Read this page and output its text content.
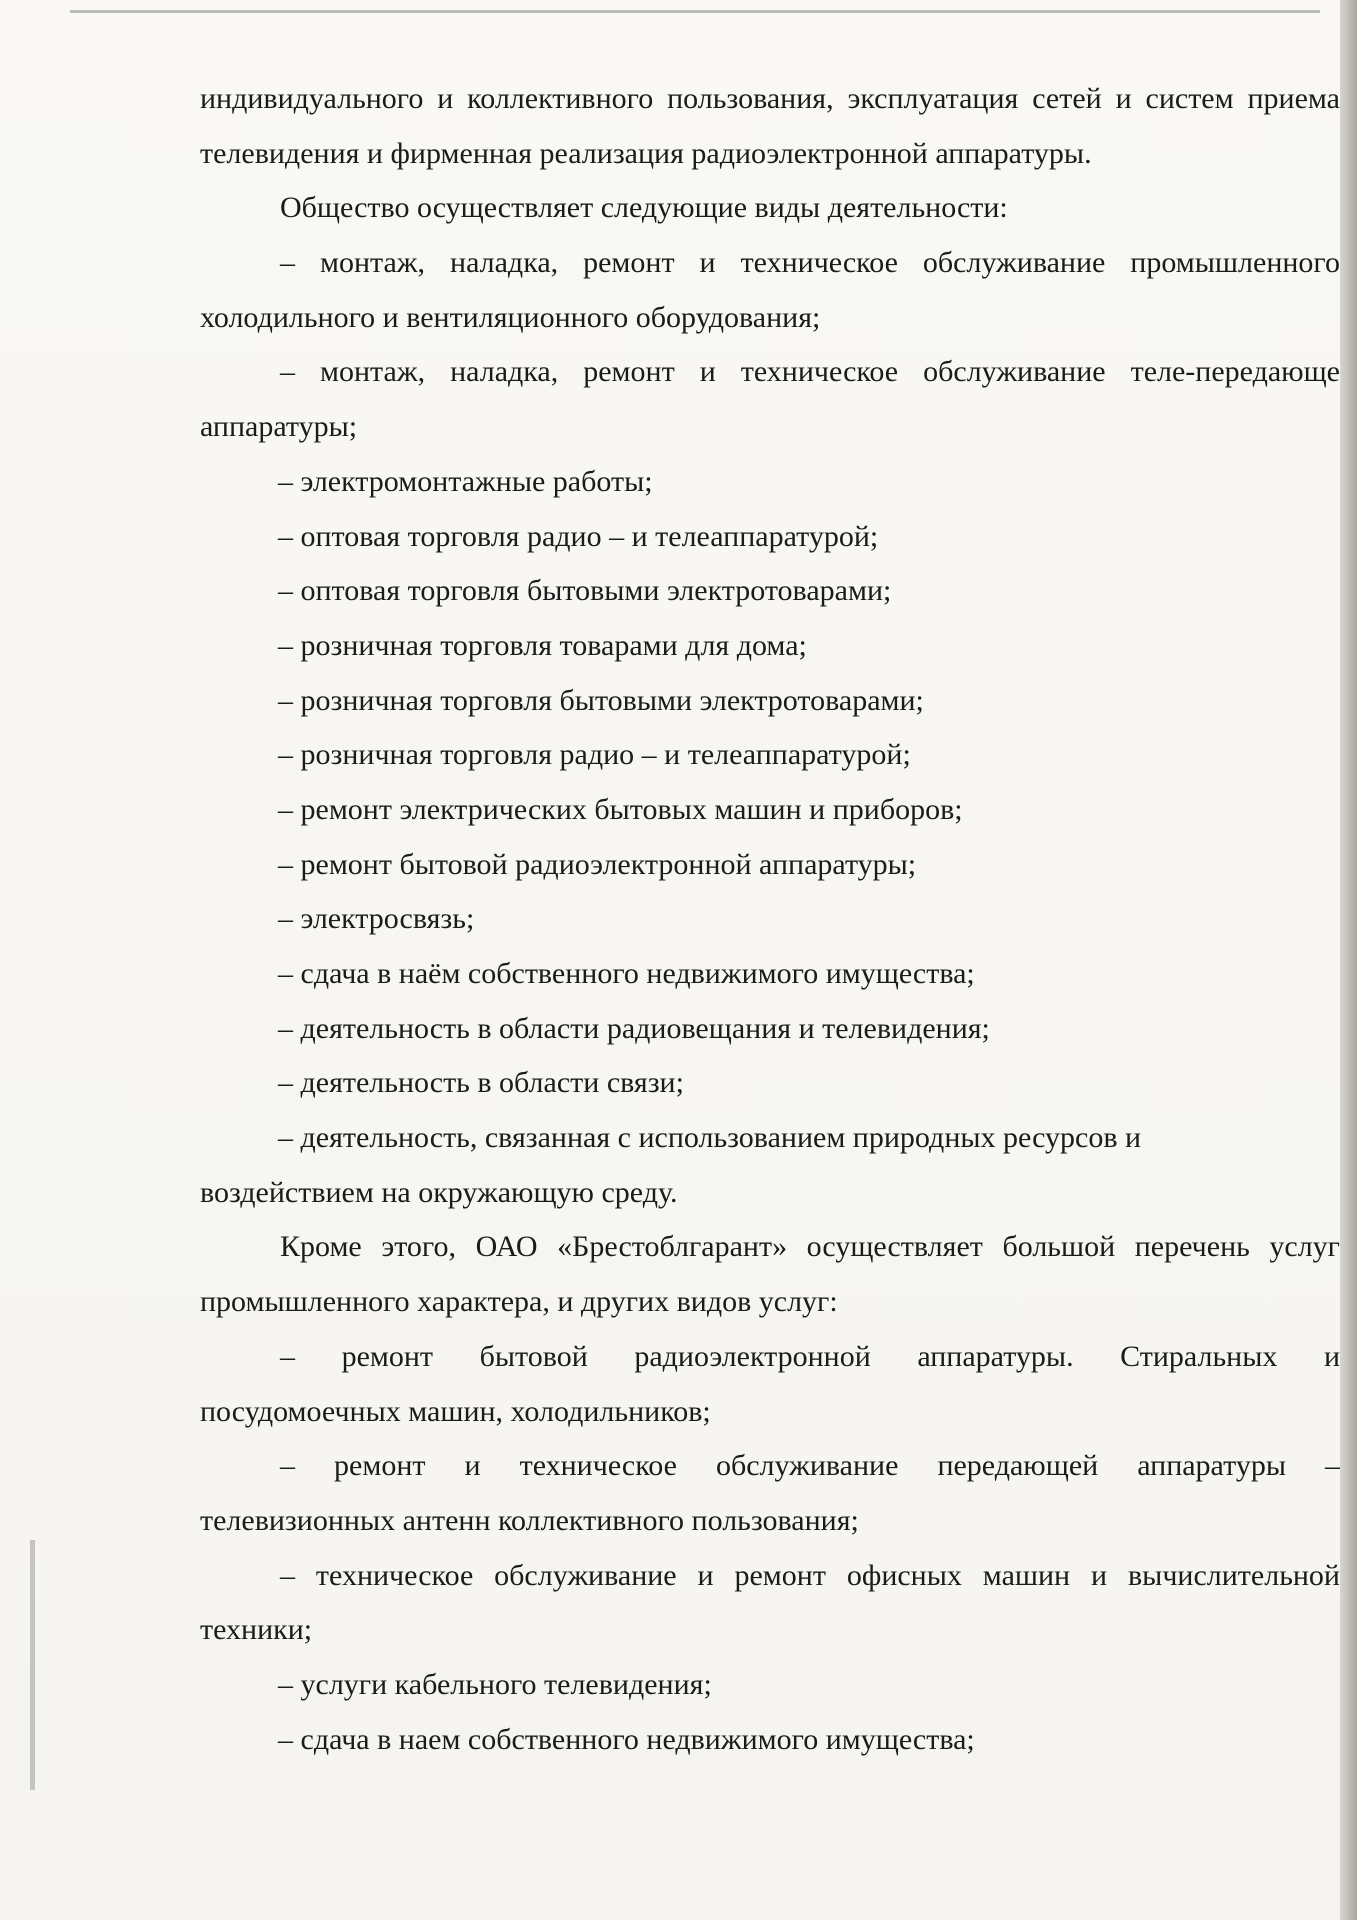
индивидуального и коллективного пользования, эксплуатация сетей и систем приема
телевидения и фирменная реализация радиоэлектронной аппаратуры.
Общество осуществляет следующие виды деятельности:
– монтаж, наладка, ремонт и техническое обслуживание промышленного
холодильного и вентиляционного оборудования;
– монтаж, наладка, ремонт и техническое обслуживание теле-передающе
аппаратуры;
– электромонтажные работы;
– оптовая торговля радио – и телеаппаратурой;
– оптовая торговля бытовыми электротоварами;
– розничная торговля товарами для дома;
– розничная торговля бытовыми электротоварами;
– розничная торговля радио – и телеаппаратурой;
– ремонт электрических бытовых машин и приборов;
– ремонт бытовой радиоэлектронной аппаратуры;
– электросвязь;
– сдача в наём собственного недвижимого имущества;
– деятельность в области радиовещания и телевидения;
– деятельность в области связи;
– деятельность, связанная с использованием природных ресурсов и
воздействием на окружающую среду.
Кроме этого, ОАО «Брестоблгарант» осуществляет большой перечень услуг
промышленного характера, и других видов услуг:
– ремонт бытовой радиоэлектронной аппаратуры. Стиральных и
посудомоечных машин, холодильников;
– ремонт и техническое обслуживание передающей аппаратуры –
телевизионных антенн коллективного пользования;
– техническое обслуживание и ремонт офисных машин и вычислительной
техники;
– услуги кабельного телевидения;
– сдача в наем собственного недвижимого имущества;
